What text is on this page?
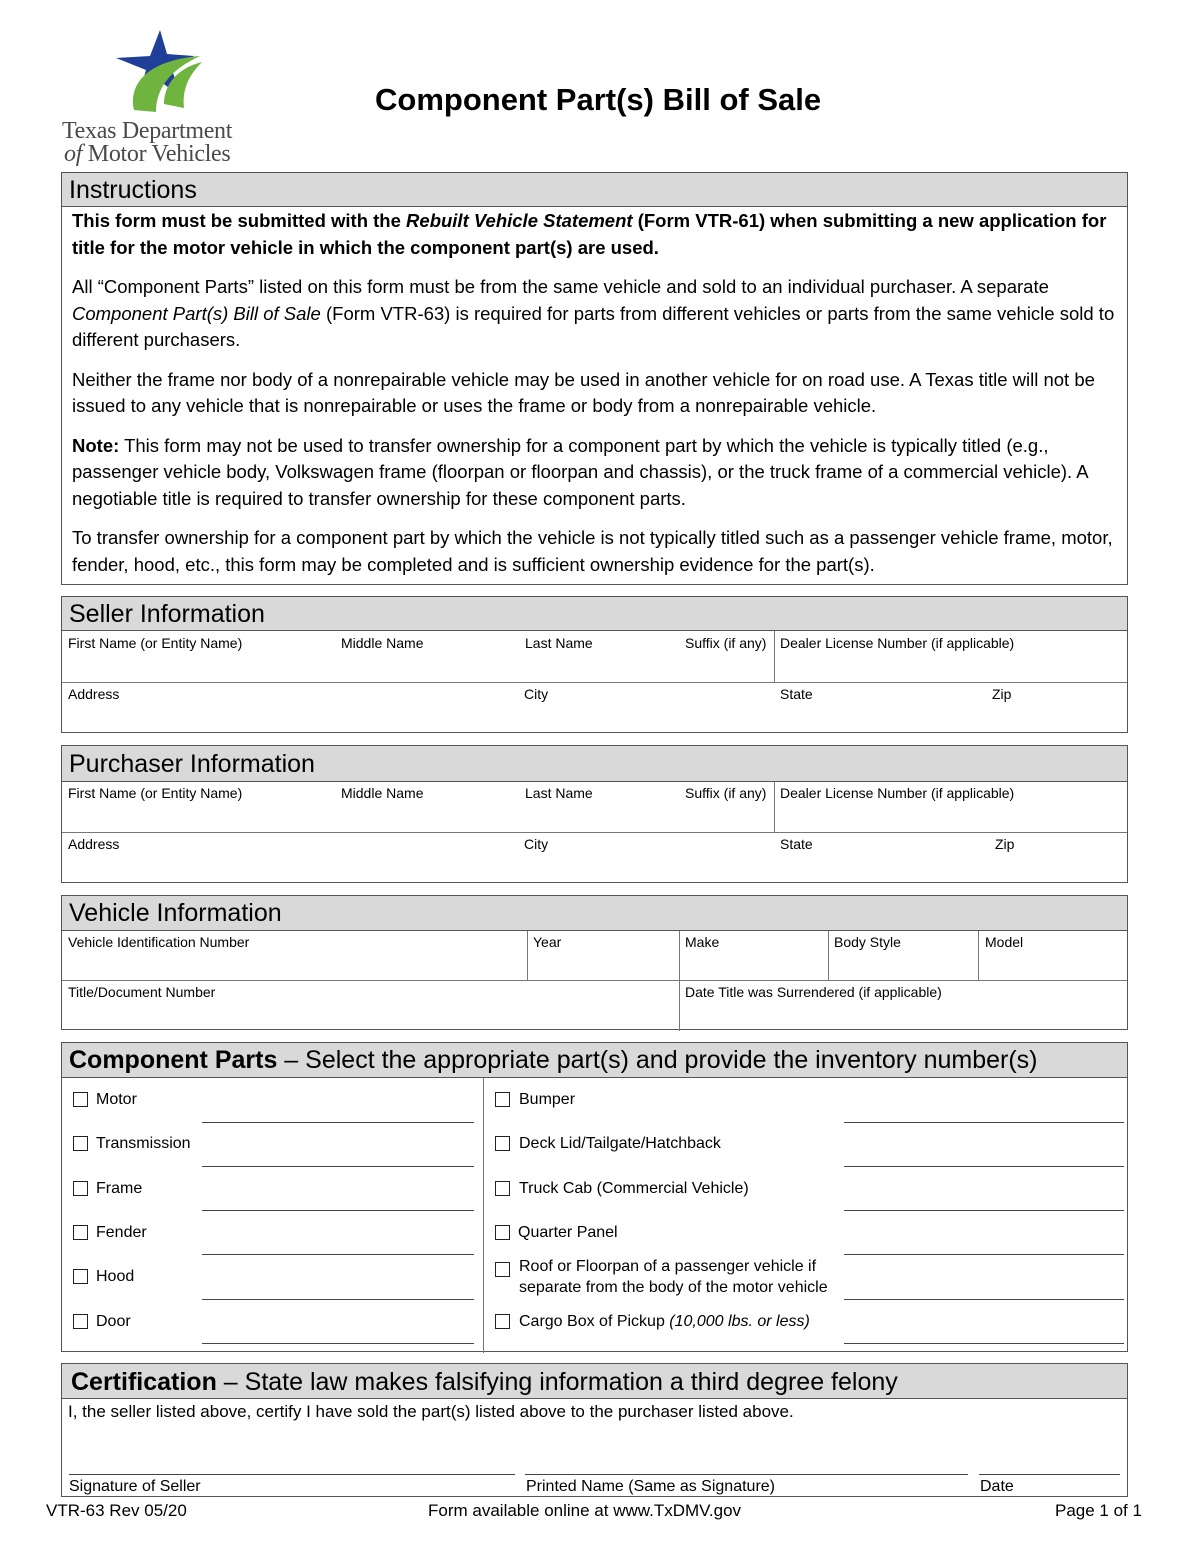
Texas Department
of Motor Vehicles
Component Part(s) Bill of Sale
Instructions

This form must be submitted with the Rebuilt Vehicle Statement (Form VTR-61) when submitting a new application for title for the motor vehicle in which the component part(s) are used.

All “Component Parts” listed on this form must be from the same vehicle and sold to an individual purchaser. A separate Component Part(s) Bill of Sale (Form VTR-63) is required for parts from different vehicles or parts from the same vehicle sold to different purchasers.

Neither the frame nor body of a nonrepairable vehicle may be used in another vehicle for on road use. A Texas title will not be issued to any vehicle that is nonrepairable or uses the frame or body from a nonrepairable vehicle.

Note: This form may not be used to transfer ownership for a component part by which the vehicle is typically titled (e.g., passenger vehicle body, Volkswagen frame (floorpan or floorpan and chassis), or the truck frame of a commercial vehicle). A negotiable title is required to transfer ownership for these component parts.

To transfer ownership for a component part by which the vehicle is not typically titled such as a passenger vehicle frame, motor, fender, hood, etc., this form may be completed and is sufficient ownership evidence for the part(s).

Seller Information
First Name (or Entity Name)	Middle Name	Last Name	Suffix (if any) Dealer License Number (if applicable)
Address	City	State	Zip
Purchaser Information
First Name (or Entity Name)	Middle Name	Last Name	Suffix (if any) Dealer License Number (if applicable)
Address	City	State	Zip
Vehicle Information
Vehicle Identification Number	Year	Make	Body Style	Model
Title/Document Number	Date Title was Surrendered (if applicable)
Component Parts – Select the appropriate part(s) and provide the inventory number(s)
Motor
Transmission
Frame
Fender
Hood
Door
Bumper
Deck Lid/Tailgate/Hatchback
Truck Cab (Commercial Vehicle)
Quarter Panel
Roof or Floorpan of a passenger vehicle if
separate from the body of the motor vehicle
Cargo Box of Pickup (10,000 lbs. or less)
Certification – State law makes falsifying information a third degree felony
I, the seller listed above, certify I have sold the part(s) listed above to the purchaser listed above.
Signature of Seller	Printed Name (Same as Signature)	Date
VTR-63 Rev 05/20	Form available online at www.TxDMV.gov	Page 1 of 1
